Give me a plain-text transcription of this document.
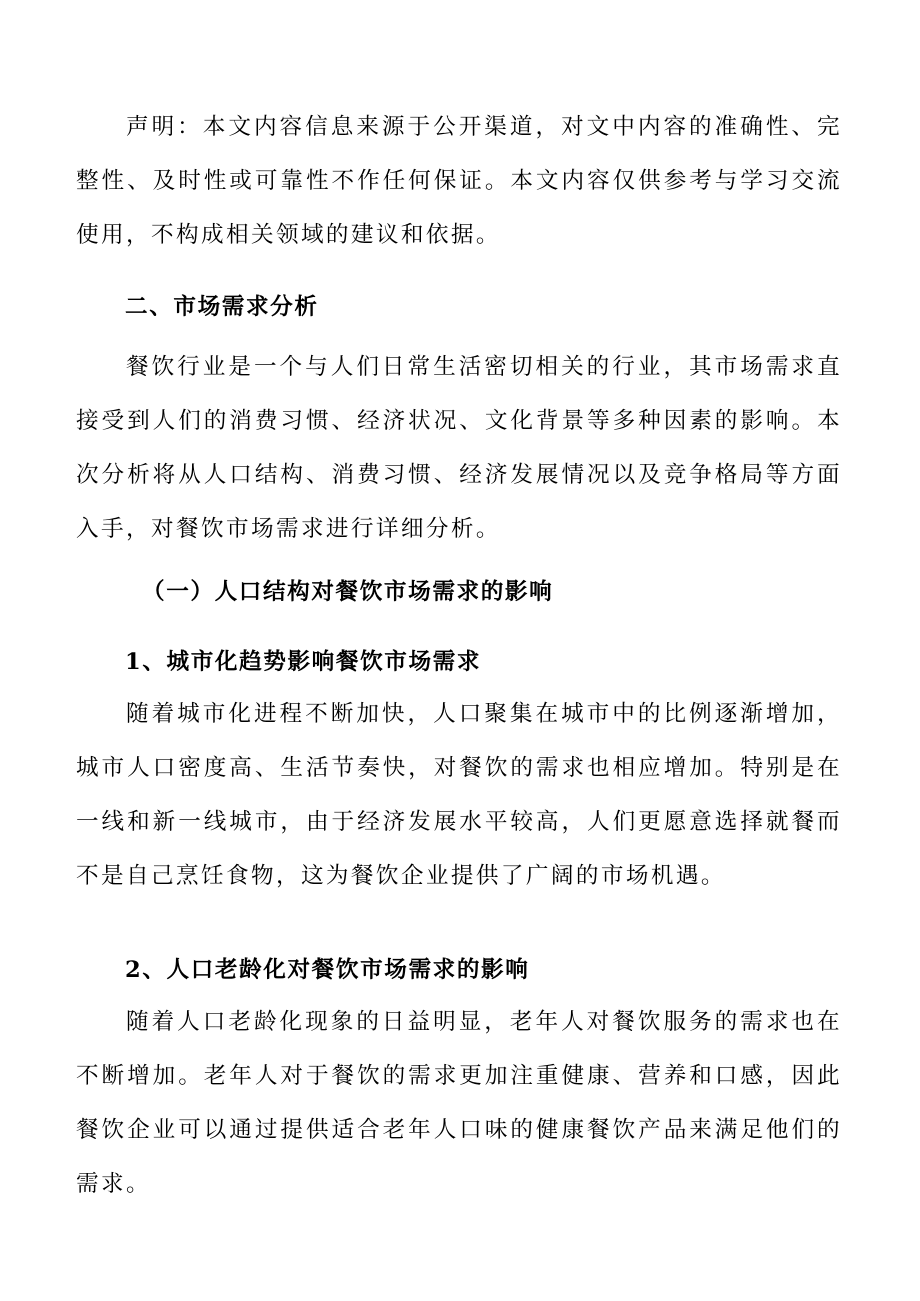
声明：本文内容信息来源于公开渠道，对文中内容的准确性、完整性、及时性或可靠性不作任何保证。本文内容仅供参考与学习交流使用，不构成相关领域的建议和依据。

二、市场需求分析

餐饮行业是一个与人们日常生活密切相关的行业，其市场需求直接受到人们的消费习惯、经济状况、文化背景等多种因素的影响。本次分析将从人口结构、消费习惯、经济发展情况以及竞争格局等方面入手，对餐饮市场需求进行详细分析。

（一）人口结构对餐饮市场需求的影响
1、城市化趋势影响餐饮市场需求

随着城市化进程不断加快，人口聚集在城市中的比例逐渐增加，城市人口密度高、生活节奏快，对餐饮的需求也相应增加。特别是在一线和新一线城市，由于经济发展水平较高，人们更愿意选择就餐而不是自己烹饪食物，这为餐饮企业提供了广阔的市场机遇。

2、人口老龄化对餐饮市场需求的影响

随着人口老龄化现象的日益明显，老年人对餐饮服务的需求也在不断增加。老年人对于餐饮的需求更加注重健康、营养和口感，因此餐饮企业可以通过提供适合老年人口味的健康餐饮产品来满足他们的需求。
